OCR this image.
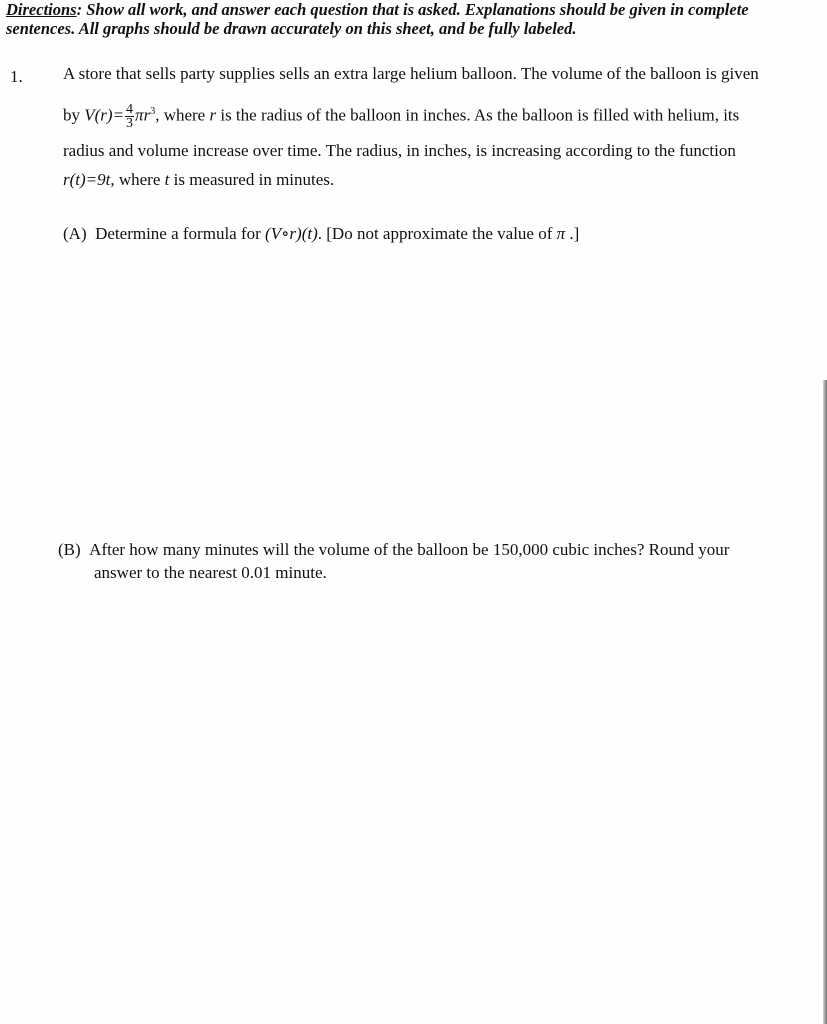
Directions: Show all work, and answer each question that is asked. Explanations should be given in complete
sentences. All graphs should be drawn accurately on this sheet, and be fully labeled.
1. A store that sells party supplies sells an extra large helium balloon. The volume of the balloon is given
by $V(r)= \frac{4}{3} \pi r^3$, where r is the radius of the balloon in inches. As the balloon is filled with helium, its
radius and volume increase over time. The radius, in inches, is increasing according to the function
r(t)=9t, where t is measured in minutes.
(A) Determine a formula for (V∘r)(t). [Do not approximate the value of π .]
(B) After how many minutes will the volume of the balloon be 150,000 cubic inches? Round your
answer to the nearest 0.01 minute.
